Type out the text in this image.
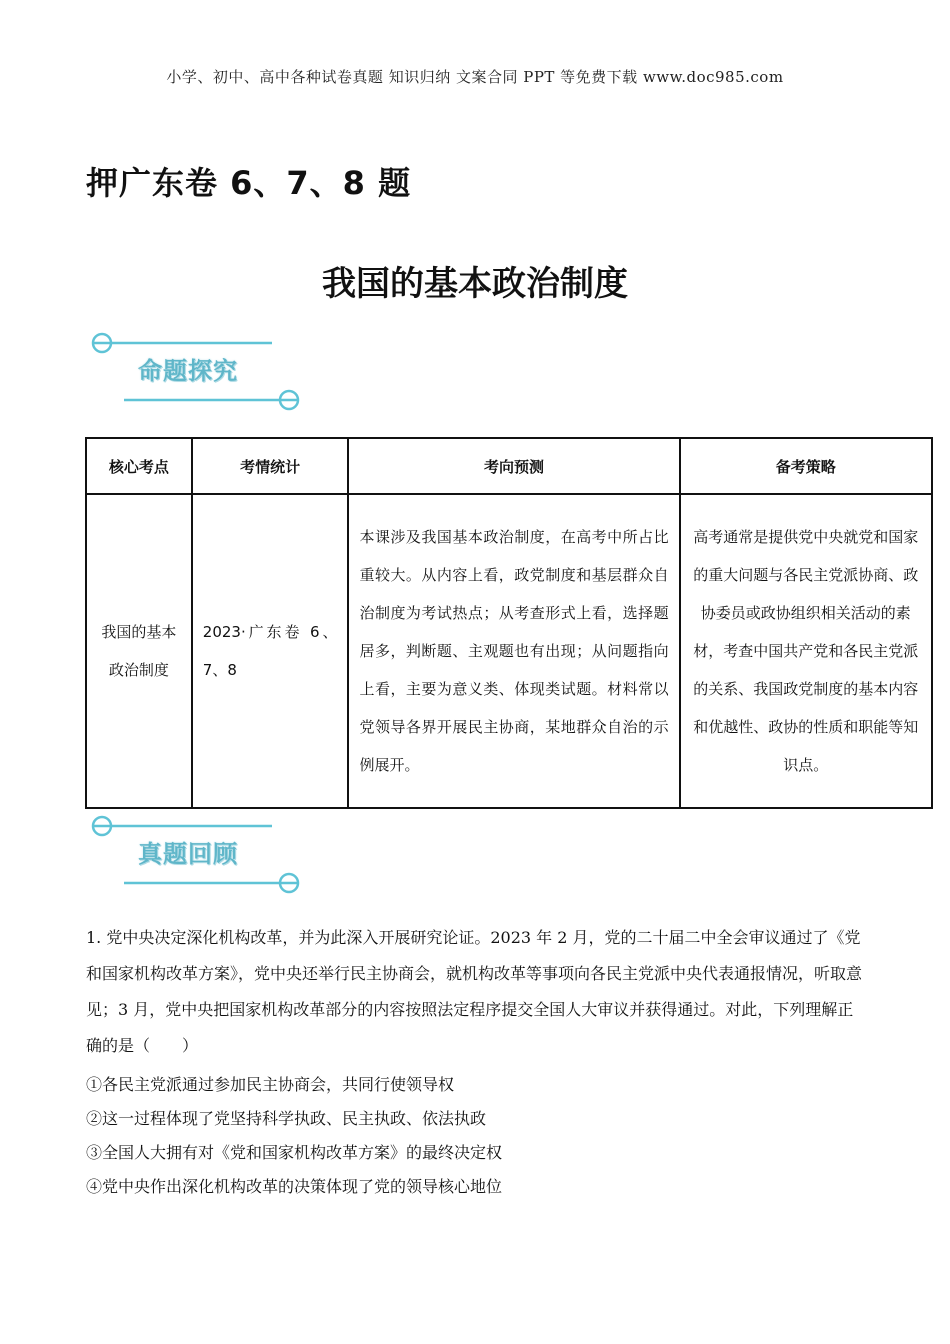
小学、初中、高中各种试卷真题 知识归纳 文案合同 PPT 等免费下载 www.doc985.com
押广东卷 6、7、8 题
我国的基本政治制度
命题探究
核心考点	考情统计	考向预测	备考策略
我国的基本政治制度	2023·广东卷 6、7、8	本课涉及我国基本政治制度，在高考中所占比重较大。从内容上看，政党制度和基层群众自治制度为考试热点；从考查形式上看，选择题居多，判断题、主观题也有出现；从问题指向上看，主要为意义类、体现类试题。材料常以党领导各界开展民主协商，某地群众自治的示例展开。	高考通常是提供党中央就党和国家的重大问题与各民主党派协商、政协委员或政协组织相关活动的素材，考查中国共产党和各民主党派的关系、我国政党制度的基本内容和优越性、政协的性质和职能等知识点。
真题回顾

1. 党中央决定深化机构改革，并为此深入开展研究论证。2023 年 2 月，党的二十届二中全会审议通过了《党和国家机构改革方案》，党中央还举行民主协商会，就机构改革等事项向各民主党派中央代表通报情况，听取意见；3 月，党中央把国家机构改革部分的内容按照法定程序提交全国人大审议并获得通过。对此，下列理解正确的是（　　）

①各民主党派通过参加民主协商会，共同行使领导权
②这一过程体现了党坚持科学执政、民主执政、依法执政
③全国人大拥有对《党和国家机构改革方案》的最终决定权
④党中央作出深化机构改革的决策体现了党的领导核心地位
